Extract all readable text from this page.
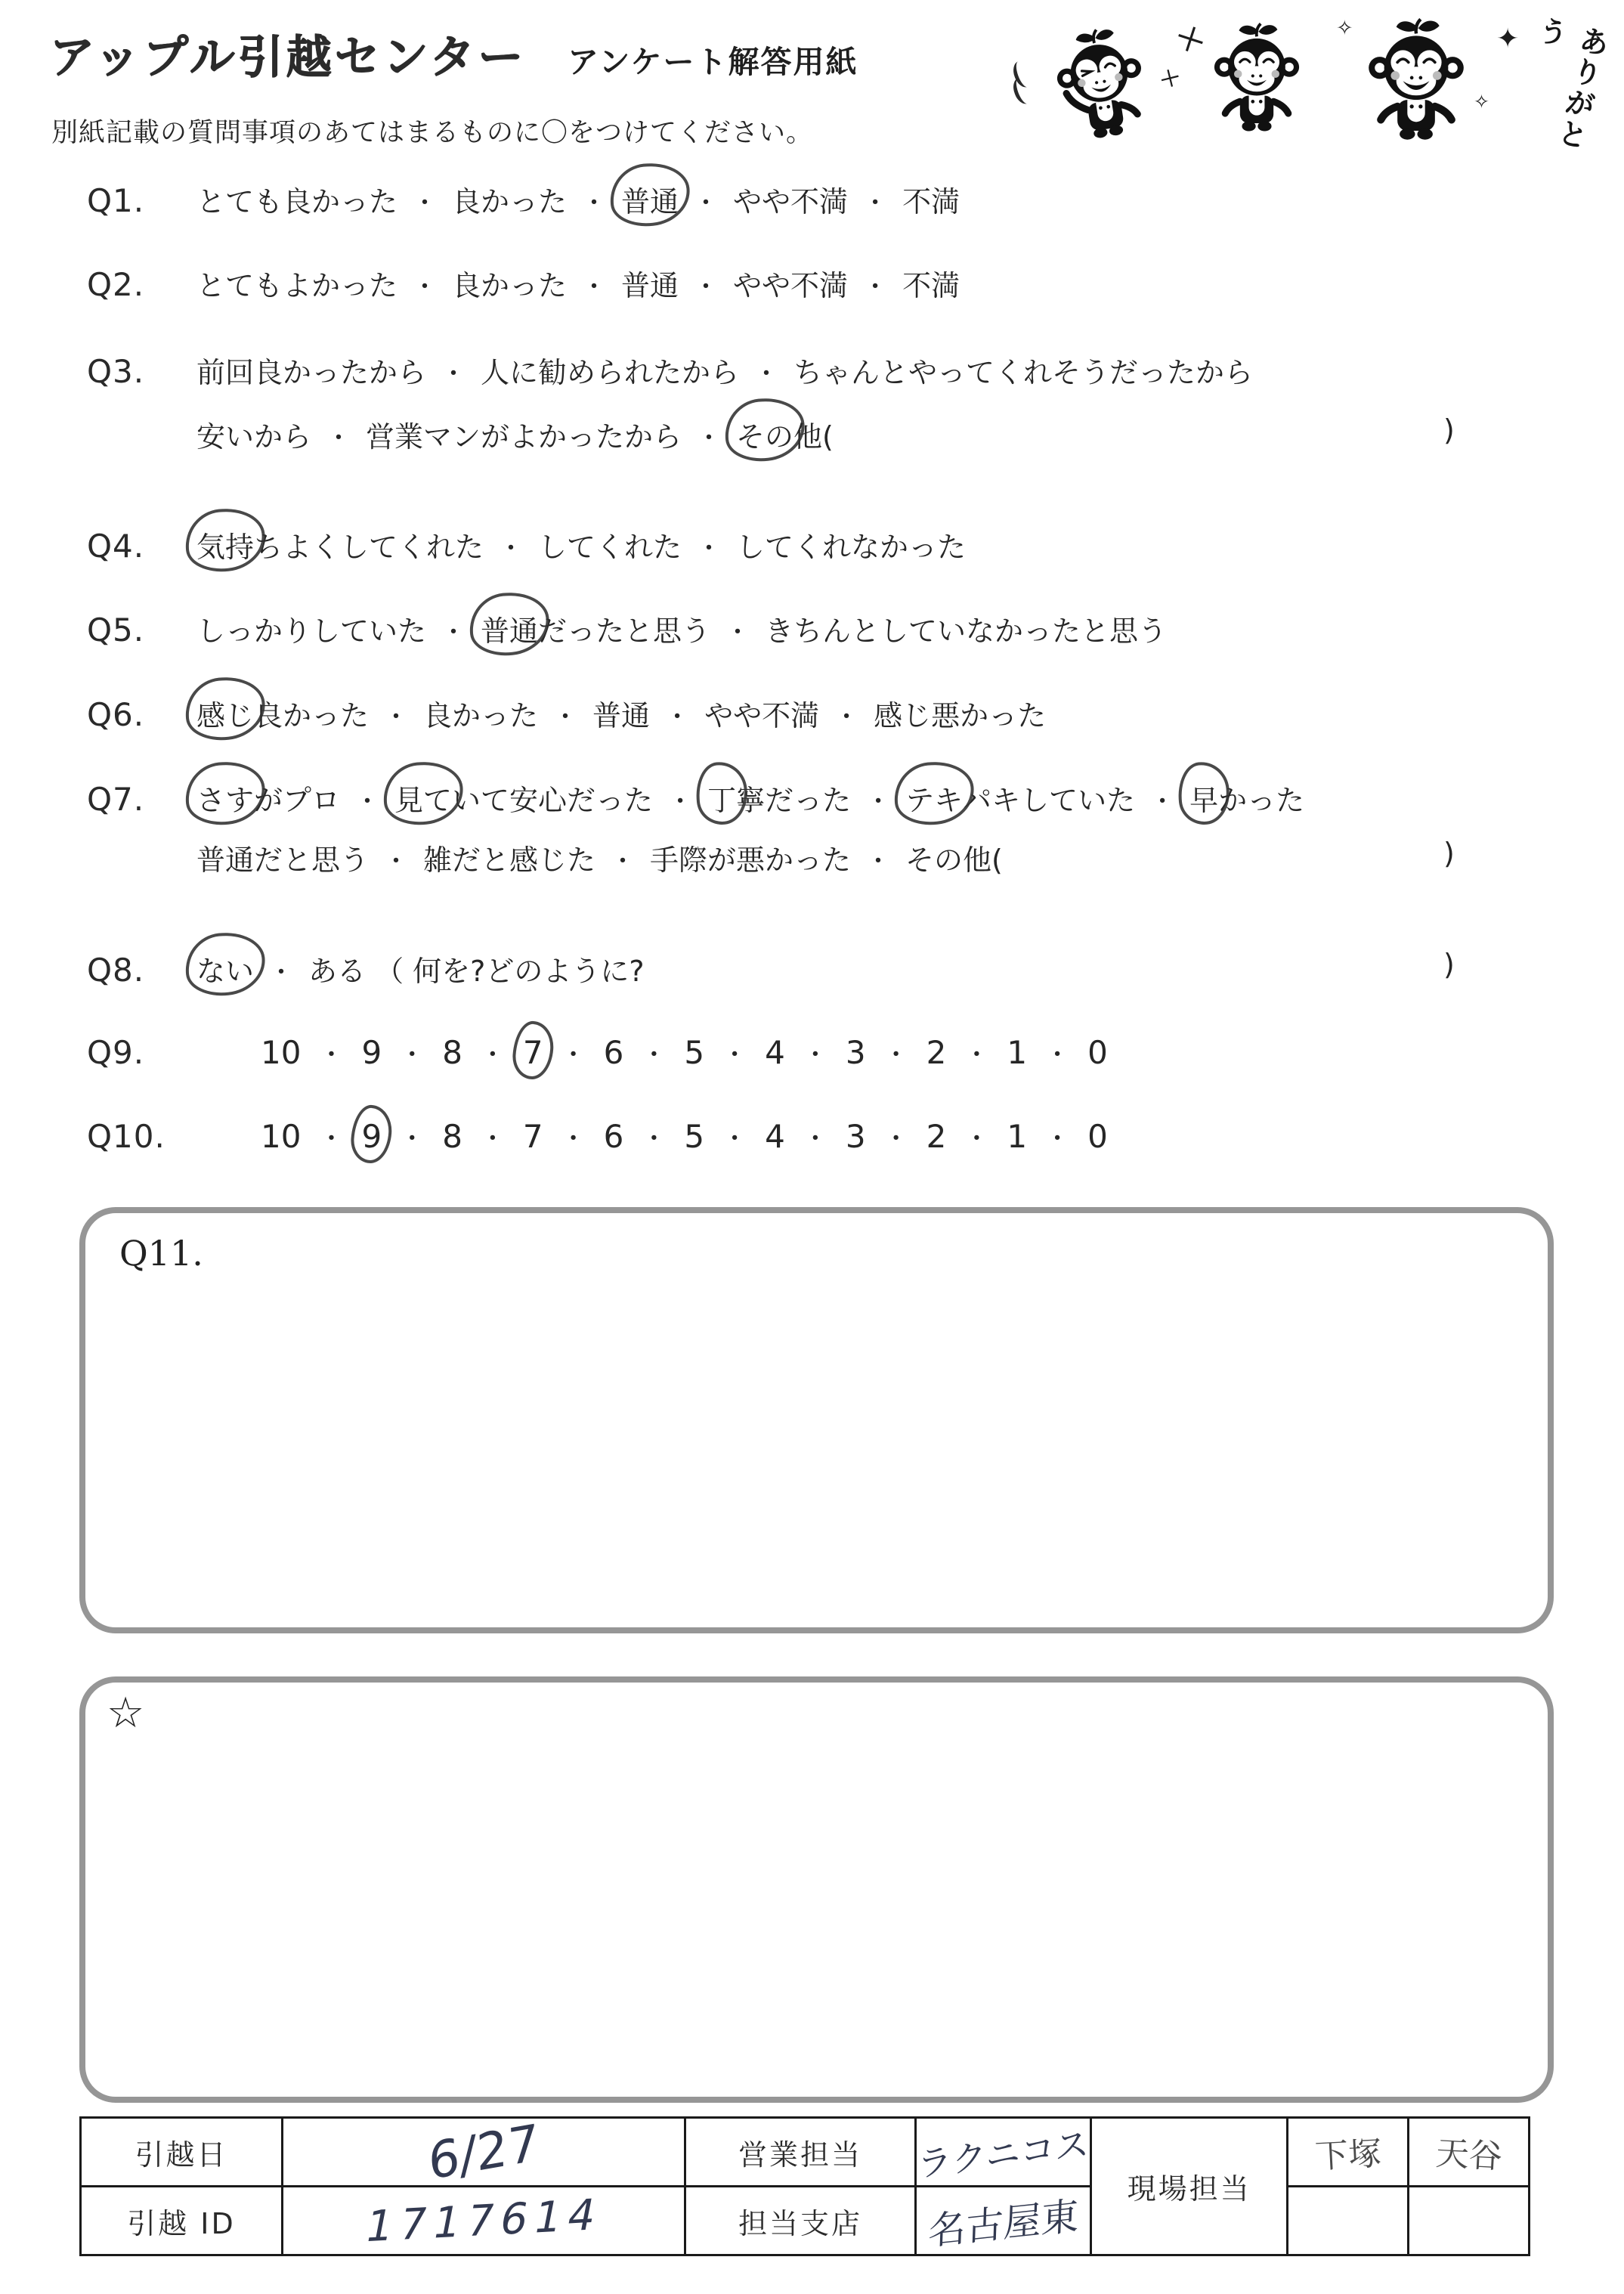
アップル引越センター アンケート解答用紙
別紙記載の質問事項のあてはまるものに〇をつけてください。
＋
＋
✧	✦
✧	ありがとう
Q1.	とても良かった ・ 良かった ・ 普通 ・ やや不満 ・ 不満
Q2.	とてもよかった ・ 良かった ・ 普通 ・ やや不満 ・ 不満
Q3.	前回良かったから ・ 人に勧められたから ・ ちゃんとやってくれそうだったから
安いから ・ 営業マンがよかったから ・ その他(	)
Q4.	気持ちよくしてくれた ・ してくれた ・ してくれなかった
Q5.	しっかりしていた ・ 普通だったと思う ・ きちんとしていなかったと思う
Q6.	感じ良かった ・ 良かった ・ 普通 ・ やや不満 ・ 感じ悪かった
Q7.	さすがプロ ・ 見ていて安心だった ・ 丁寧だった ・ テキパキしていた ・ 早かった
普通だと思う ・ 雑だと感じた ・ 手際が悪かった ・ その他(	)
Q8.	ない ・ ある （ 何を?どのように?	)
Q9.	10 ・ 9 ・ 8 ・ 7 ・ 6 ・ 5 ・ 4 ・ 3 ・ 2 ・ 1 ・ 0
Q10.	10 ・ 9 ・ 8 ・ 7 ・ 6 ・ 5 ・ 4 ・ 3 ・ 2 ・ 1 ・ 0
Q11.
☆
引越日	6/27	営業担当	ラクニコス	現場担当	下塚	天谷
引越 ID	1717614	担当支店	名古屋東			
